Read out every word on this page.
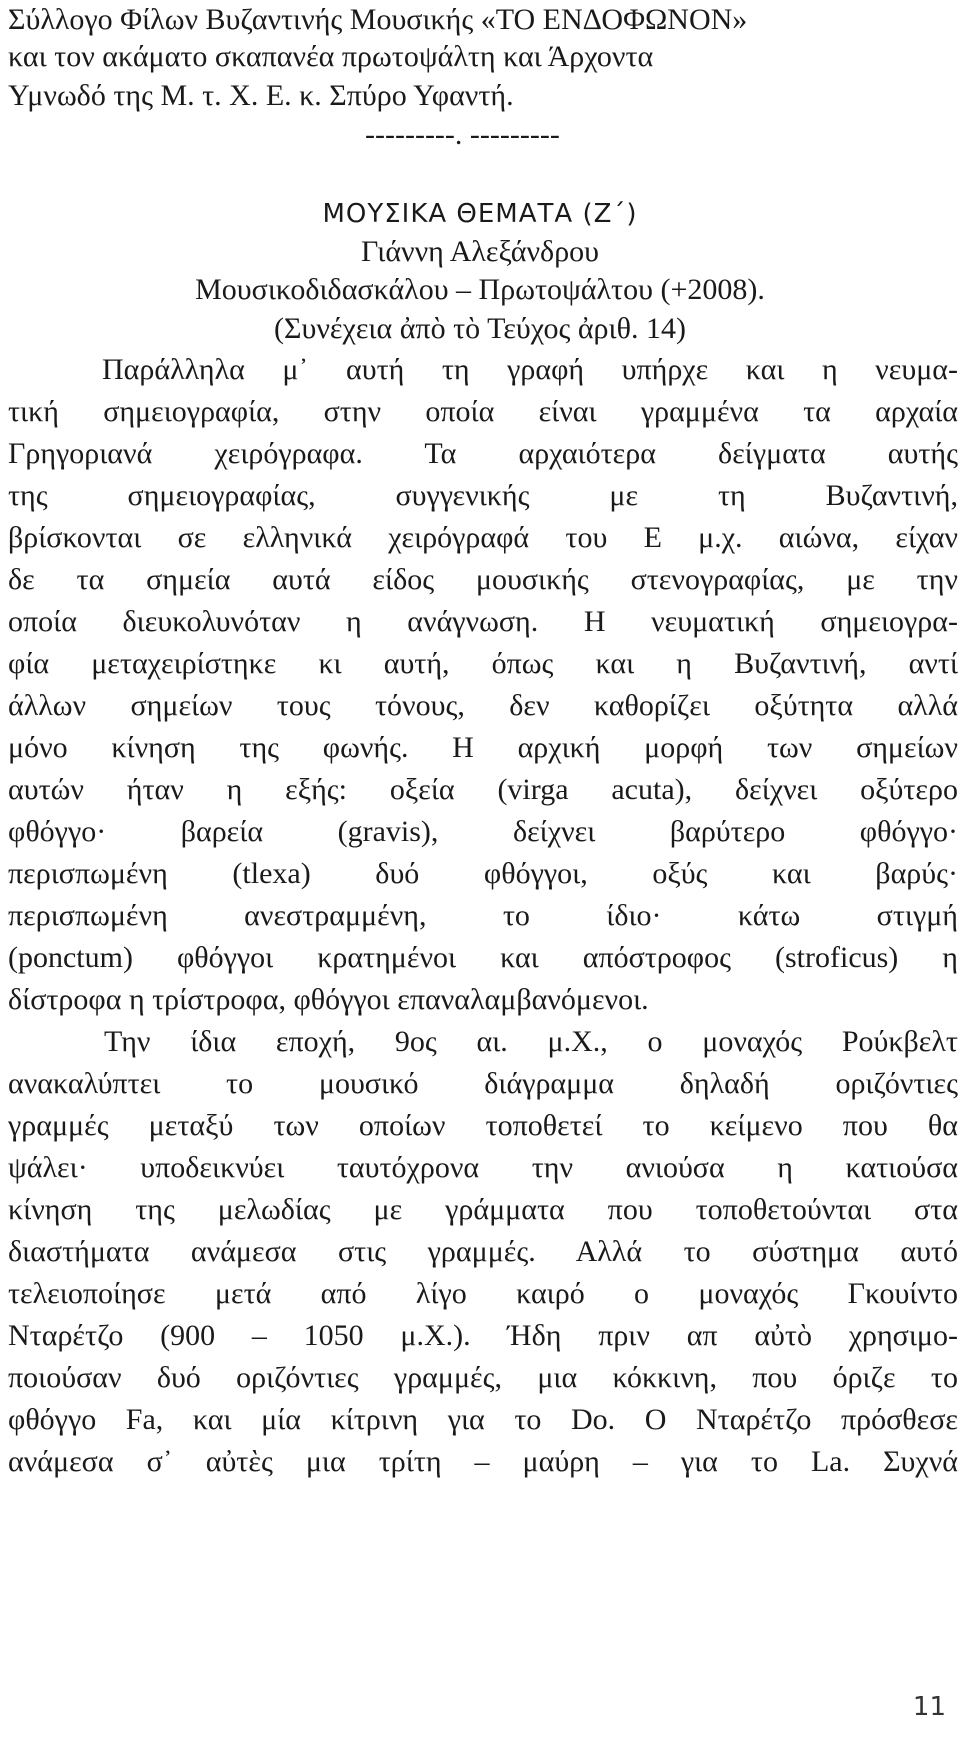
Σύλλογο Φίλων Βυζαντινής Μουσικής «ΤΟ ΕΝΔΟΦΩΝΟΝ»
και τον ακάματο σκαπανέα πρωτοψάλτη και Άρχοντα
Υμνωδό της Μ. τ. Χ. Ε. κ. Σπύρο Υφαντή.
---------. ---------
ΜΟΥΣΙΚΑ ΘΕΜΑΤΑ (Ζ΄)
Γιάννη Αλεξάνδρου
Μουσικοδιδασκάλου – Πρωτοψάλτου (+2008).
(Συνέχεια ἀπὸ τὸ Τεύχος ἀριθ. 14)
Παράλληλα μ᾽ αυτή τη γραφή υπήρχε και η νευμα-
τική σημειογραφία, στην οποία είναι γραμμένα τα αρχαία
Γρηγοριανά χειρόγραφα. Τα αρχαιότερα δείγματα αυτής
της σημειογραφίας, συγγενικής με τη Βυζαντινή,
βρίσκονται σε ελληνικά χειρόγραφά του Ε μ.χ. αιώνα, είχαν
δε τα σημεία αυτά είδος μουσικής στενογραφίας, με την
οποία διευκολυνόταν η ανάγνωση. Η νευματική σημειογρα-
φία μεταχειρίστηκε κι αυτή, όπως και η Βυζαντινή, αντί
άλλων σημείων τους τόνους, δεν καθορίζει οξύτητα αλλά
μόνο κίνηση της φωνής. Η αρχική μορφή των σημείων
αυτών ήταν η εξής: οξεία (virga acuta), δείχνει οξύτερο
φθόγγο· βαρεία (gravis), δείχνει βαρύτερο φθόγγο·
περισπωμένη (tlexa) δυό φθόγγοι, οξύς και βαρύς·
περισπωμένη ανεστραμμένη, το ίδιο· κάτω στιγμή
(ponctum) φθόγγοι κρατημένοι και απόστροφος (stroficus) η
δίστροφα η τρίστροφα, φθόγγοι επαναλαμβανόμενοι.
Την ίδια εποχή, 9ος αι. μ.Χ., ο μοναχός Ρούκβελτ
ανακαλύπτει το μουσικό διάγραμμα δηλαδή οριζόντιες
γραμμές μεταξύ των οποίων τοποθετεί το κείμενο που θα
ψάλει· υποδεικνύει ταυτόχρονα την ανιούσα η κατιούσα
κίνηση της μελωδίας με γράμματα που τοποθετούνται στα
διαστήματα ανάμεσα στις γραμμές. Αλλά το σύστημα αυτό
τελειοποίησε μετά από λίγο καιρό ο μοναχός Γκουίντο
Νταρέτζο (900 – 1050 μ.Χ.). Ήδη πριν απ αὐτὸ χρησιμο-
ποιούσαν δυό οριζόντιες γραμμές, μια κόκκινη, που όριζε το
φθόγγο Fa, και μία κίτρινη για το Do. Ο Νταρέτζο πρόσθεσε
ανάμεσα σ᾽ αὐτὲς μια τρίτη – μαύρη – για το La. Συχνά
11
